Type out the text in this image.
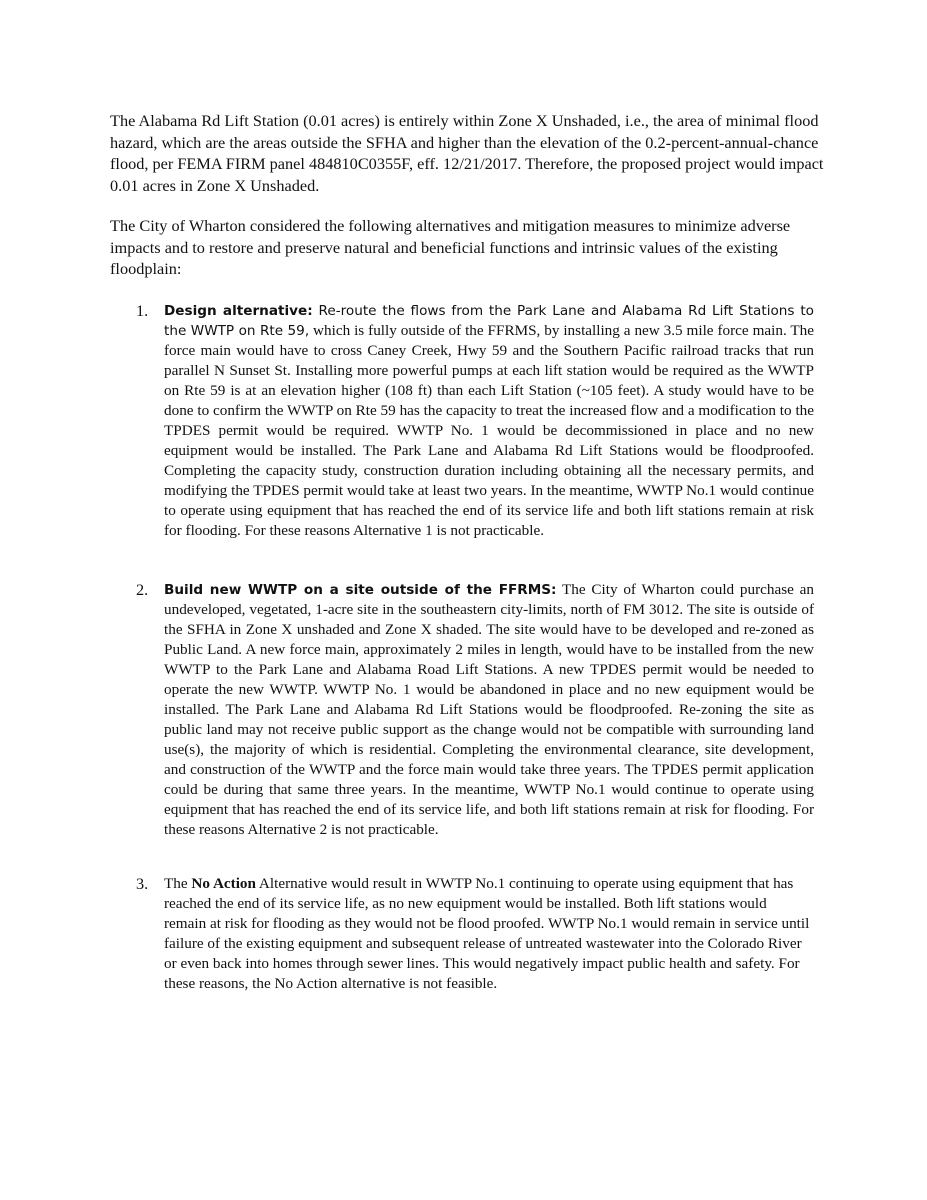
The Alabama Rd Lift Station (0.01 acres) is entirely within Zone X Unshaded, i.e., the area of minimal flood hazard, which are the areas outside the SFHA and higher than the elevation of the 0.2-percent-annual-chance flood, per FEMA FIRM panel 484810C0355F, eff. 12/21/2017. Therefore, the proposed project would impact 0.01 acres in Zone X Unshaded.

The City of Wharton considered the following alternatives and mitigation measures to minimize adverse impacts and to restore and preserve natural and beneficial functions and intrinsic values of the existing floodplain:

1. Design alternative: Re-route the flows from the Park Lane and Alabama Rd Lift Stations to the WWTP on Rte 59, which is fully outside of the FFRMS, by installing a new 3.5 mile force main. The force main would have to cross Caney Creek, Hwy 59 and the Southern Pacific railroad tracks that run parallel N Sunset St. Installing more powerful pumps at each lift station would be required as the WWTP on Rte 59 is at an elevation higher (108 ft) than each Lift Station (~105 feet). A study would have to be done to confirm the WWTP on Rte 59 has the capacity to treat the increased flow and a modification to the TPDES permit would be required. WWTP No. 1 would be decommissioned in place and no new equipment would be installed. The Park Lane and Alabama Rd Lift Stations would be floodproofed. Completing the capacity study, construction duration including obtaining all the necessary permits, and modifying the TPDES permit would take at least two years. In the meantime, WWTP No.1 would continue to operate using equipment that has reached the end of its service life and both lift stations remain at risk for flooding. For these reasons Alternative 1 is not practicable.

2. Build new WWTP on a site outside of the FFRMS: The City of Wharton could purchase an undeveloped, vegetated, 1-acre site in the southeastern city-limits, north of FM 3012. The site is outside of the SFHA in Zone X unshaded and Zone X shaded. The site would have to be developed and re-zoned as Public Land. A new force main, approximately 2 miles in length, would have to be installed from the new WWTP to the Park Lane and Alabama Road Lift Stations. A new TPDES permit would be needed to operate the new WWTP. WWTP No. 1 would be abandoned in place and no new equipment would be installed. The Park Lane and Alabama Rd Lift Stations would be floodproofed. Re-zoning the site as public land may not receive public support as the change would not be compatible with surrounding land use(s), the majority of which is residential. Completing the environmental clearance, site development, and construction of the WWTP and the force main would take three years. The TPDES permit application could be during that same three years. In the meantime, WWTP No.1 would continue to operate using equipment that has reached the end of its service life, and both lift stations remain at risk for flooding. For these reasons Alternative 2 is not practicable.

3. The No Action Alternative would result in WWTP No.1 continuing to operate using equipment that has reached the end of its service life, as no new equipment would be installed. Both lift stations would remain at risk for flooding as they would not be flood proofed. WWTP No.1 would remain in service until failure of the existing equipment and subsequent release of untreated wastewater into the Colorado River or even back into homes through sewer lines. This would negatively impact public health and safety. For these reasons, the No Action alternative is not feasible.
